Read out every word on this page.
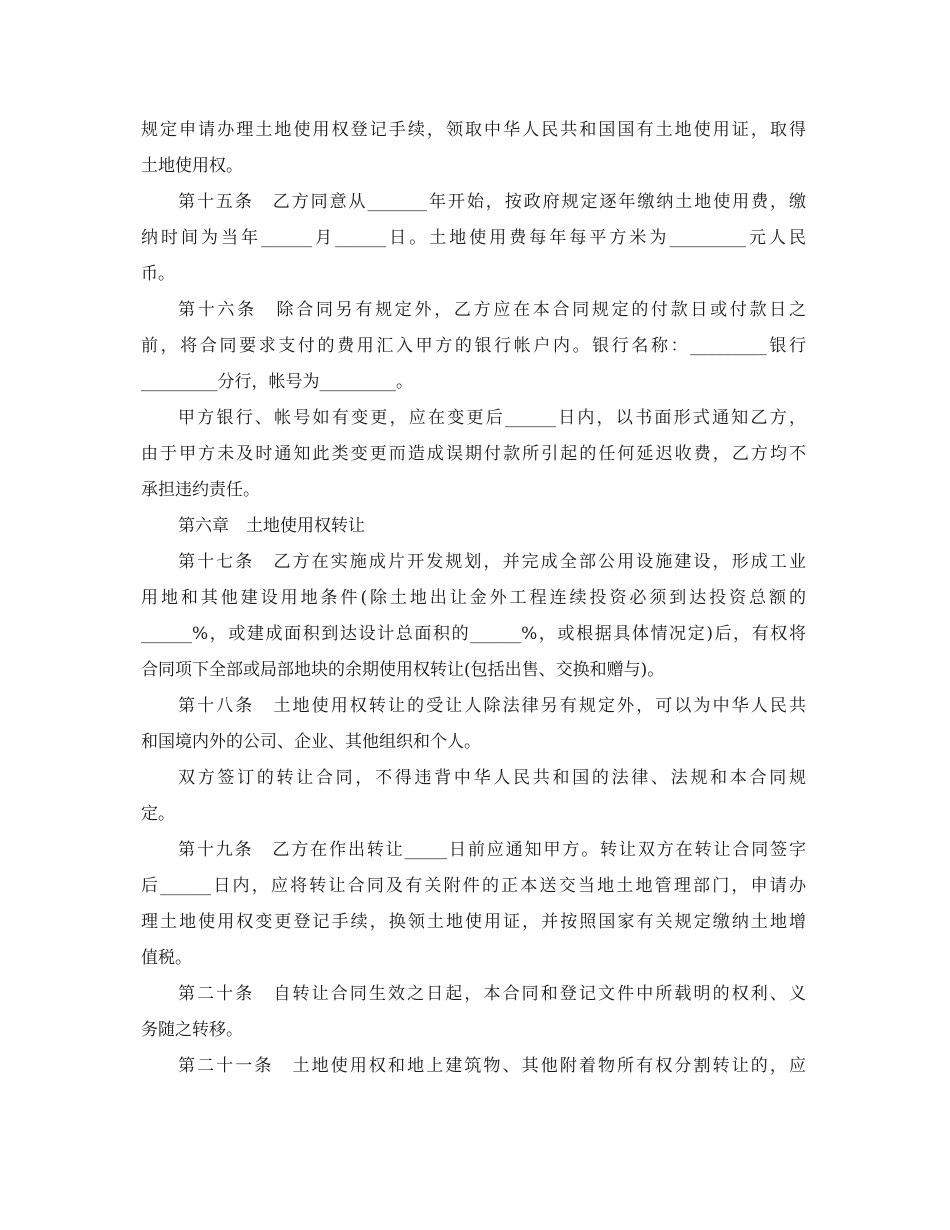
规定申请办理土地使用权登记手续，领取中华人民共和国国有土地使用证，取得
土地使用权。
第十五条　乙方同意从_______年开始，按政府规定逐年缴纳土地使用费，缴
纳时间为当年______月______日。土地使用费每年每平方米为_________元人民
币。
第十六条　除合同另有规定外，乙方应在本合同规定的付款日或付款日之
前，将合同要求支付的费用汇入甲方的银行帐户内。银行名称：_________银行
_________分行，帐号为_________。
甲方银行、帐号如有变更，应在变更后______日内，以书面形式通知乙方，
由于甲方未及时通知此类变更而造成误期付款所引起的任何延迟收费，乙方均不
承担违约责任。
第六章　土地使用权转让
第十七条　乙方在实施成片开发规划，并完成全部公用设施建设，形成工业
用地和其他建设用地条件(除土地出让金外工程连续投资必须到达投资总额的
______%，或建成面积到达设计总面积的______%，或根据具体情况定)后，有权将
合同项下全部或局部地块的余期使用权转让(包括出售、交换和赠与)。
第十八条　土地使用权转让的受让人除法律另有规定外，可以为中华人民共
和国境内外的公司、企业、其他组织和个人。
双方签订的转让合同，不得违背中华人民共和国的法律、法规和本合同规
定。
第十九条　乙方在作出转让_____日前应通知甲方。转让双方在转让合同签字
后______日内，应将转让合同及有关附件的正本送交当地土地管理部门，申请办
理土地使用权变更登记手续，换领土地使用证，并按照国家有关规定缴纳土地增
值税。
第二十条　自转让合同生效之日起，本合同和登记文件中所载明的权利、义
务随之转移。
第二十一条　土地使用权和地上建筑物、其他附着物所有权分割转让的，应
